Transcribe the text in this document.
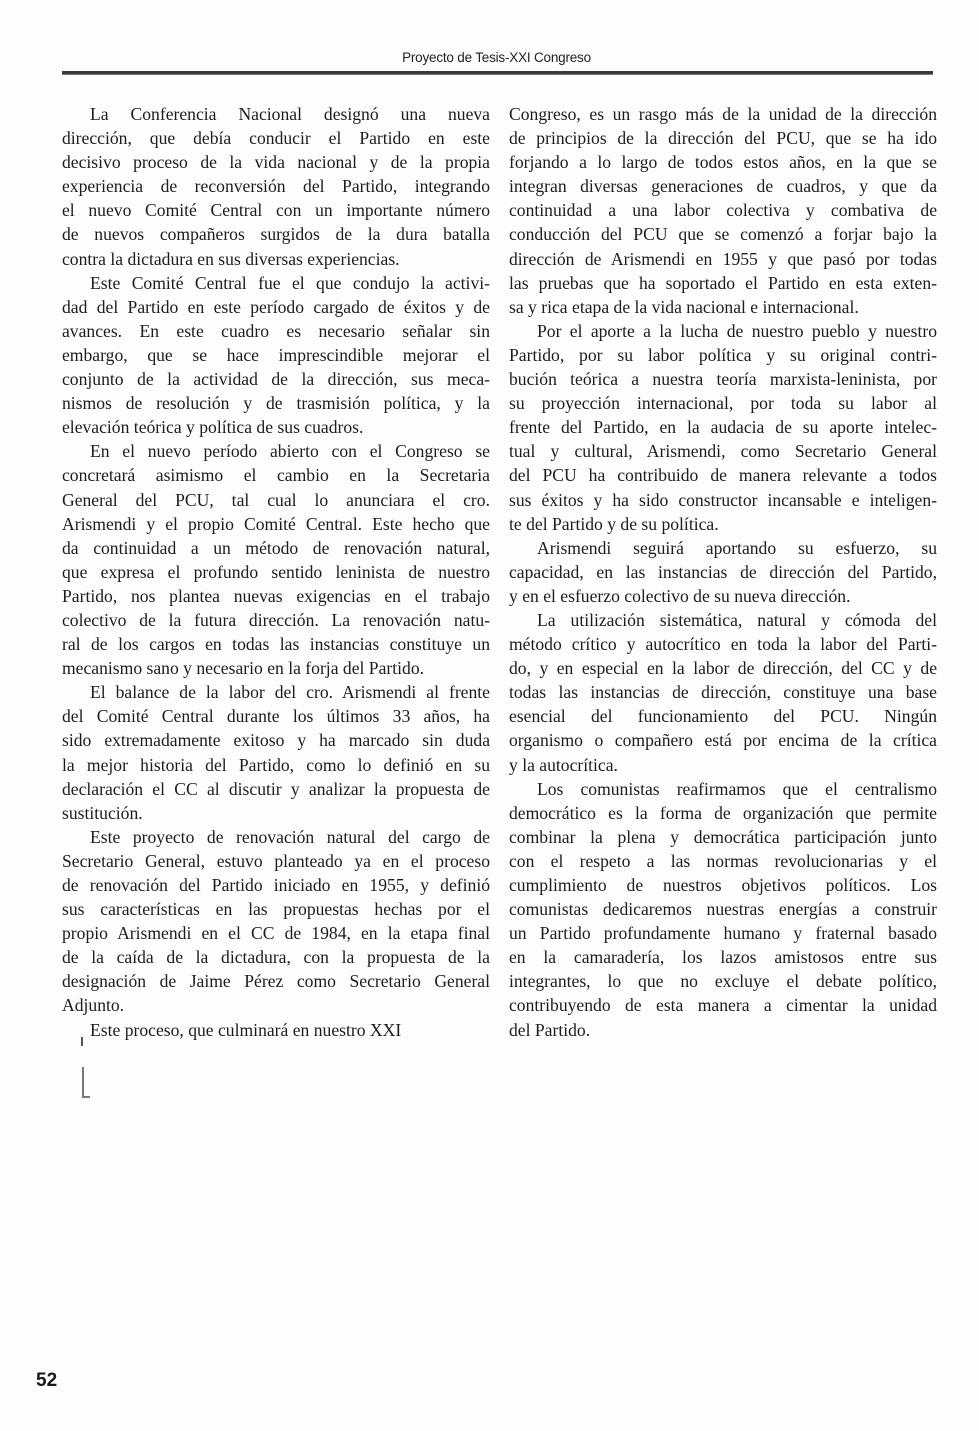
Proyecto de Tesis-XXI Congreso
La Conferencia Nacional designó una nueva
dirección, que debía conducir el Partido en este
decisivo proceso de la vida nacional y de la propia
experiencia de reconversión del Partido, integrando
el nuevo Comité Central con un importante número
de nuevos compañeros surgidos de la dura batalla
contra la dictadura en sus diversas experiencias.
Este Comité Central fue el que condujo la activi-
dad del Partido en este período cargado de éxitos y de
avances. En este cuadro es necesario señalar sin
embargo, que se hace imprescindible mejorar el
conjunto de la actividad de la dirección, sus meca-
nismos de resolución y de trasmisión política, y la
elevación teórica y política de sus cuadros.
En el nuevo período abierto con el Congreso se
concretará asimismo el cambio en la Secretaria
General del PCU, tal cual lo anunciara el cro.
Arismendi y el propio Comité Central. Este hecho que
da continuidad a un método de renovación natural,
que expresa el profundo sentido leninista de nuestro
Partido, nos plantea nuevas exigencias en el trabajo
colectivo de la futura dirección. La renovación natu-
ral de los cargos en todas las instancias constituye un
mecanismo sano y necesario en la forja del Partido.
El balance de la labor del cro. Arismendi al frente
del Comité Central durante los últimos 33 años, ha
sido extremadamente exitoso y ha marcado sin duda
la mejor historia del Partido, como lo definió en su
declaración el CC al discutir y analizar la propuesta de
sustitución.
Este proyecto de renovación natural del cargo de
Secretario General, estuvo planteado ya en el proceso
de renovación del Partido iniciado en 1955, y definió
sus características en las propuestas hechas por el
propio Arismendi en el CC de 1984, en la etapa final
de la caída de la dictadura, con la propuesta de la
designación de Jaime Pérez como Secretario General
Adjunto.
Este proceso, que culminará en nuestro XXI
Congreso, es un rasgo más de la unidad de la dirección
de principios de la dirección del PCU, que se ha ido
forjando a lo largo de todos estos años, en la que se
integran diversas generaciones de cuadros, y que da
continuidad a una labor colectiva y combativa de
conducción del PCU que se comenzó a forjar bajo la
dirección de Arismendi en 1955 y que pasó por todas
las pruebas que ha soportado el Partido en esta exten-
sa y rica etapa de la vida nacional e internacional.
Por el aporte a la lucha de nuestro pueblo y nuestro
Partido, por su labor política y su original contri-
bución teórica a nuestra teoría marxista-leninista, por
su proyección internacional, por toda su labor al
frente del Partido, en la audacia de su aporte intelec-
tual y cultural, Arismendi, como Secretario General
del PCU ha contribuido de manera relevante a todos
sus éxitos y ha sido constructor incansable e inteligen-
te del Partido y de su política.
Arismendi seguirá aportando su esfuerzo, su
capacidad, en las instancias de dirección del Partido,
y en el esfuerzo colectivo de su nueva dirección.
La utilización sistemática, natural y cómoda del
método crítico y autocrítico en toda la labor del Parti-
do, y en especial en la labor de dirección, del CC y de
todas las instancias de dirección, constituye una base
esencial del funcionamiento del PCU. Ningún
organismo o compañero está por encima de la crítica
y la autocrítica.
Los comunistas reafirmamos que el centralismo
democrático es la forma de organización que permite
combinar la plena y democrática participación junto
con el respeto a las normas revolucionarias y el
cumplimiento de nuestros objetivos políticos. Los
comunistas dedicaremos nuestras energías a construir
un Partido profundamente humano y fraternal basado
en la camaradería, los lazos amistosos entre sus
integrantes, lo que no excluye el debate político,
contribuyendo de esta manera a cimentar la unidad
del Partido.
52
